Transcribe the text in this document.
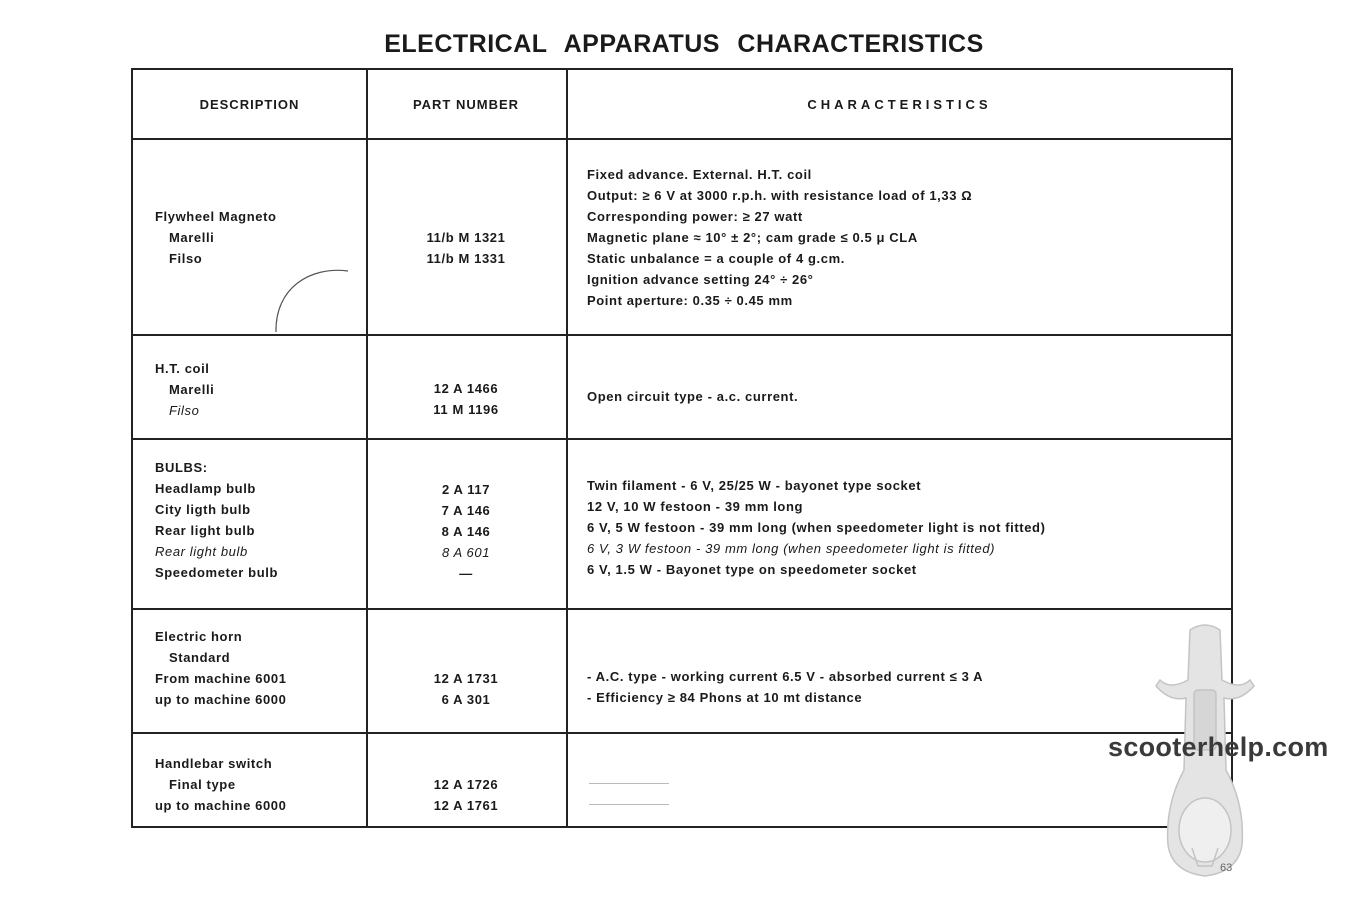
ELECTRICAL APPARATUS CHARACTERISTICS
DESCRIPTION	PART NUMBER	CHARACTERISTICS
Flywheel Magneto
Marelli
Filso
11/b M 1321
11/b M 1331
Fixed advance. External. H.T. coil
Output: ≥ 6 V at 3000 r.p.h. with resistance load of 1,33 Ω
Corresponding power: ≥ 27 watt
Magnetic plane ≈ 10° ± 2°; cam grade ≤ 0.5 μ CLA
Static unbalance = a couple of 4 g.cm.
Ignition advance setting 24° ÷ 26°
Point aperture: 0.35 ÷ 0.45 mm
H.T. coil
Marelli
Filso
12 A 1466
11 M 1196
Open circuit type - a.c. current.
BULBS:
Headlamp bulb
City ligth bulb
Rear light bulb
Rear light bulb
Speedometer bulb
2 A 117
7 A 146
8 A 146
8 A 601
—
Twin filament - 6 V, 25/25 W - bayonet type socket
12 V, 10 W festoon - 39 mm long
6 V, 5 W festoon - 39 mm long (when speedometer light is not fitted)
6 V, 3 W festoon - 39 mm long (when speedometer light is fitted)
6 V, 1.5 W - Bayonet type on speedometer socket
Electric horn
Standard
From machine 6001
up to machine 6000
12 A 1731
6 A 301
- A.C. type - working current 6.5 V - absorbed current ≤ 3 A
- Efficiency ≥ 84 Phons at 10 mt distance
Handlebar switch
Final type
up to machine 6000
12 A 1726
12 A 1761
scooterhelp.com
63
